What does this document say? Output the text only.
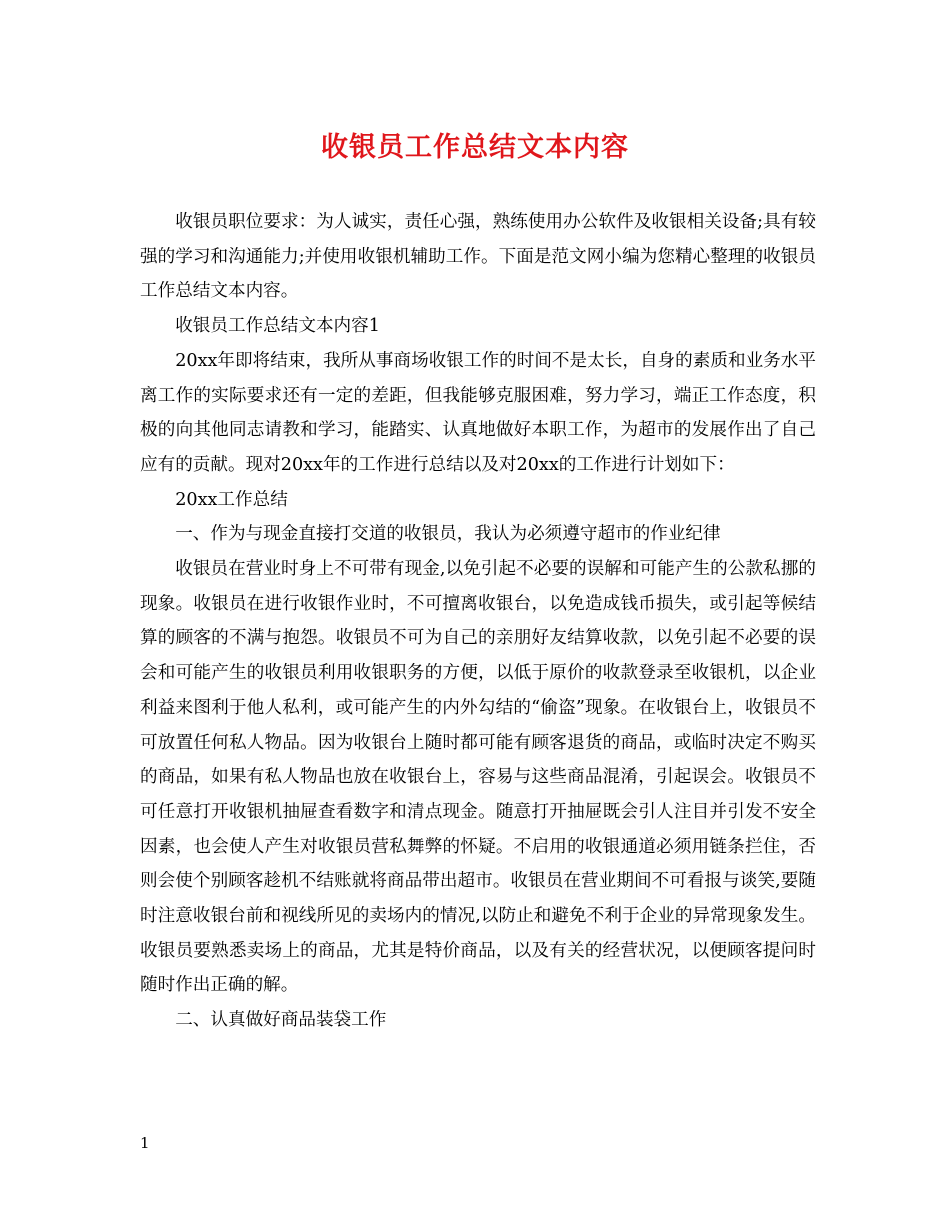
收银员工作总结文本内容

收银员职位要求：为人诚实，责任心强，熟练使用办公软件及收银相关设备;具有较强的学习和沟通能力;并使用收银机辅助工作。下面是范文网小编为您精心整理的收银员工作总结文本内容。

收银员工作总结文本内容1

20xx年即将结束，我所从事商场收银工作的时间不是太长，自身的素质和业务水平离工作的实际要求还有一定的差距，但我能够克服困难，努力学习，端正工作态度，积极的向其他同志请教和学习，能踏实、认真地做好本职工作，为超市的发展作出了自己应有的贡献。现对20xx年的工作进行总结以及对20xx的工作进行计划如下：

20xx工作总结

一、作为与现金直接打交道的收银员，我认为必须遵守超市的作业纪律

收银员在营业时身上不可带有现金,以免引起不必要的误解和可能产生的公款私挪的现象。收银员在进行收银作业时，不可擅离收银台，以免造成钱币损失，或引起等候结算的顾客的不满与抱怨。收银员不可为自己的亲朋好友结算收款，以免引起不必要的误会和可能产生的收银员利用收银职务的方便，以低于原价的收款登录至收银机，以企业利益来图利于他人私利，或可能产生的内外勾结的“偷盗”现象。在收银台上，收银员不可放置任何私人物品。因为收银台上随时都可能有顾客退货的商品，或临时决定不购买的商品，如果有私人物品也放在收银台上，容易与这些商品混淆，引起误会。收银员不可任意打开收银机抽屉查看数字和清点现金。随意打开抽屉既会引人注目并引发不安全因素，也会使人产生对收银员营私舞弊的怀疑。不启用的收银通道必须用链条拦住，否则会使个别顾客趁机不结账就将商品带出超市。收银员在营业期间不可看报与谈笑,要随时注意收银台前和视线所见的卖场内的情况,以防止和避免不利于企业的异常现象发生。收银员要熟悉卖场上的商品，尤其是特价商品，以及有关的经营状况，以便顾客提问时随时作出正确的解。

二、认真做好商品装袋工作

1
